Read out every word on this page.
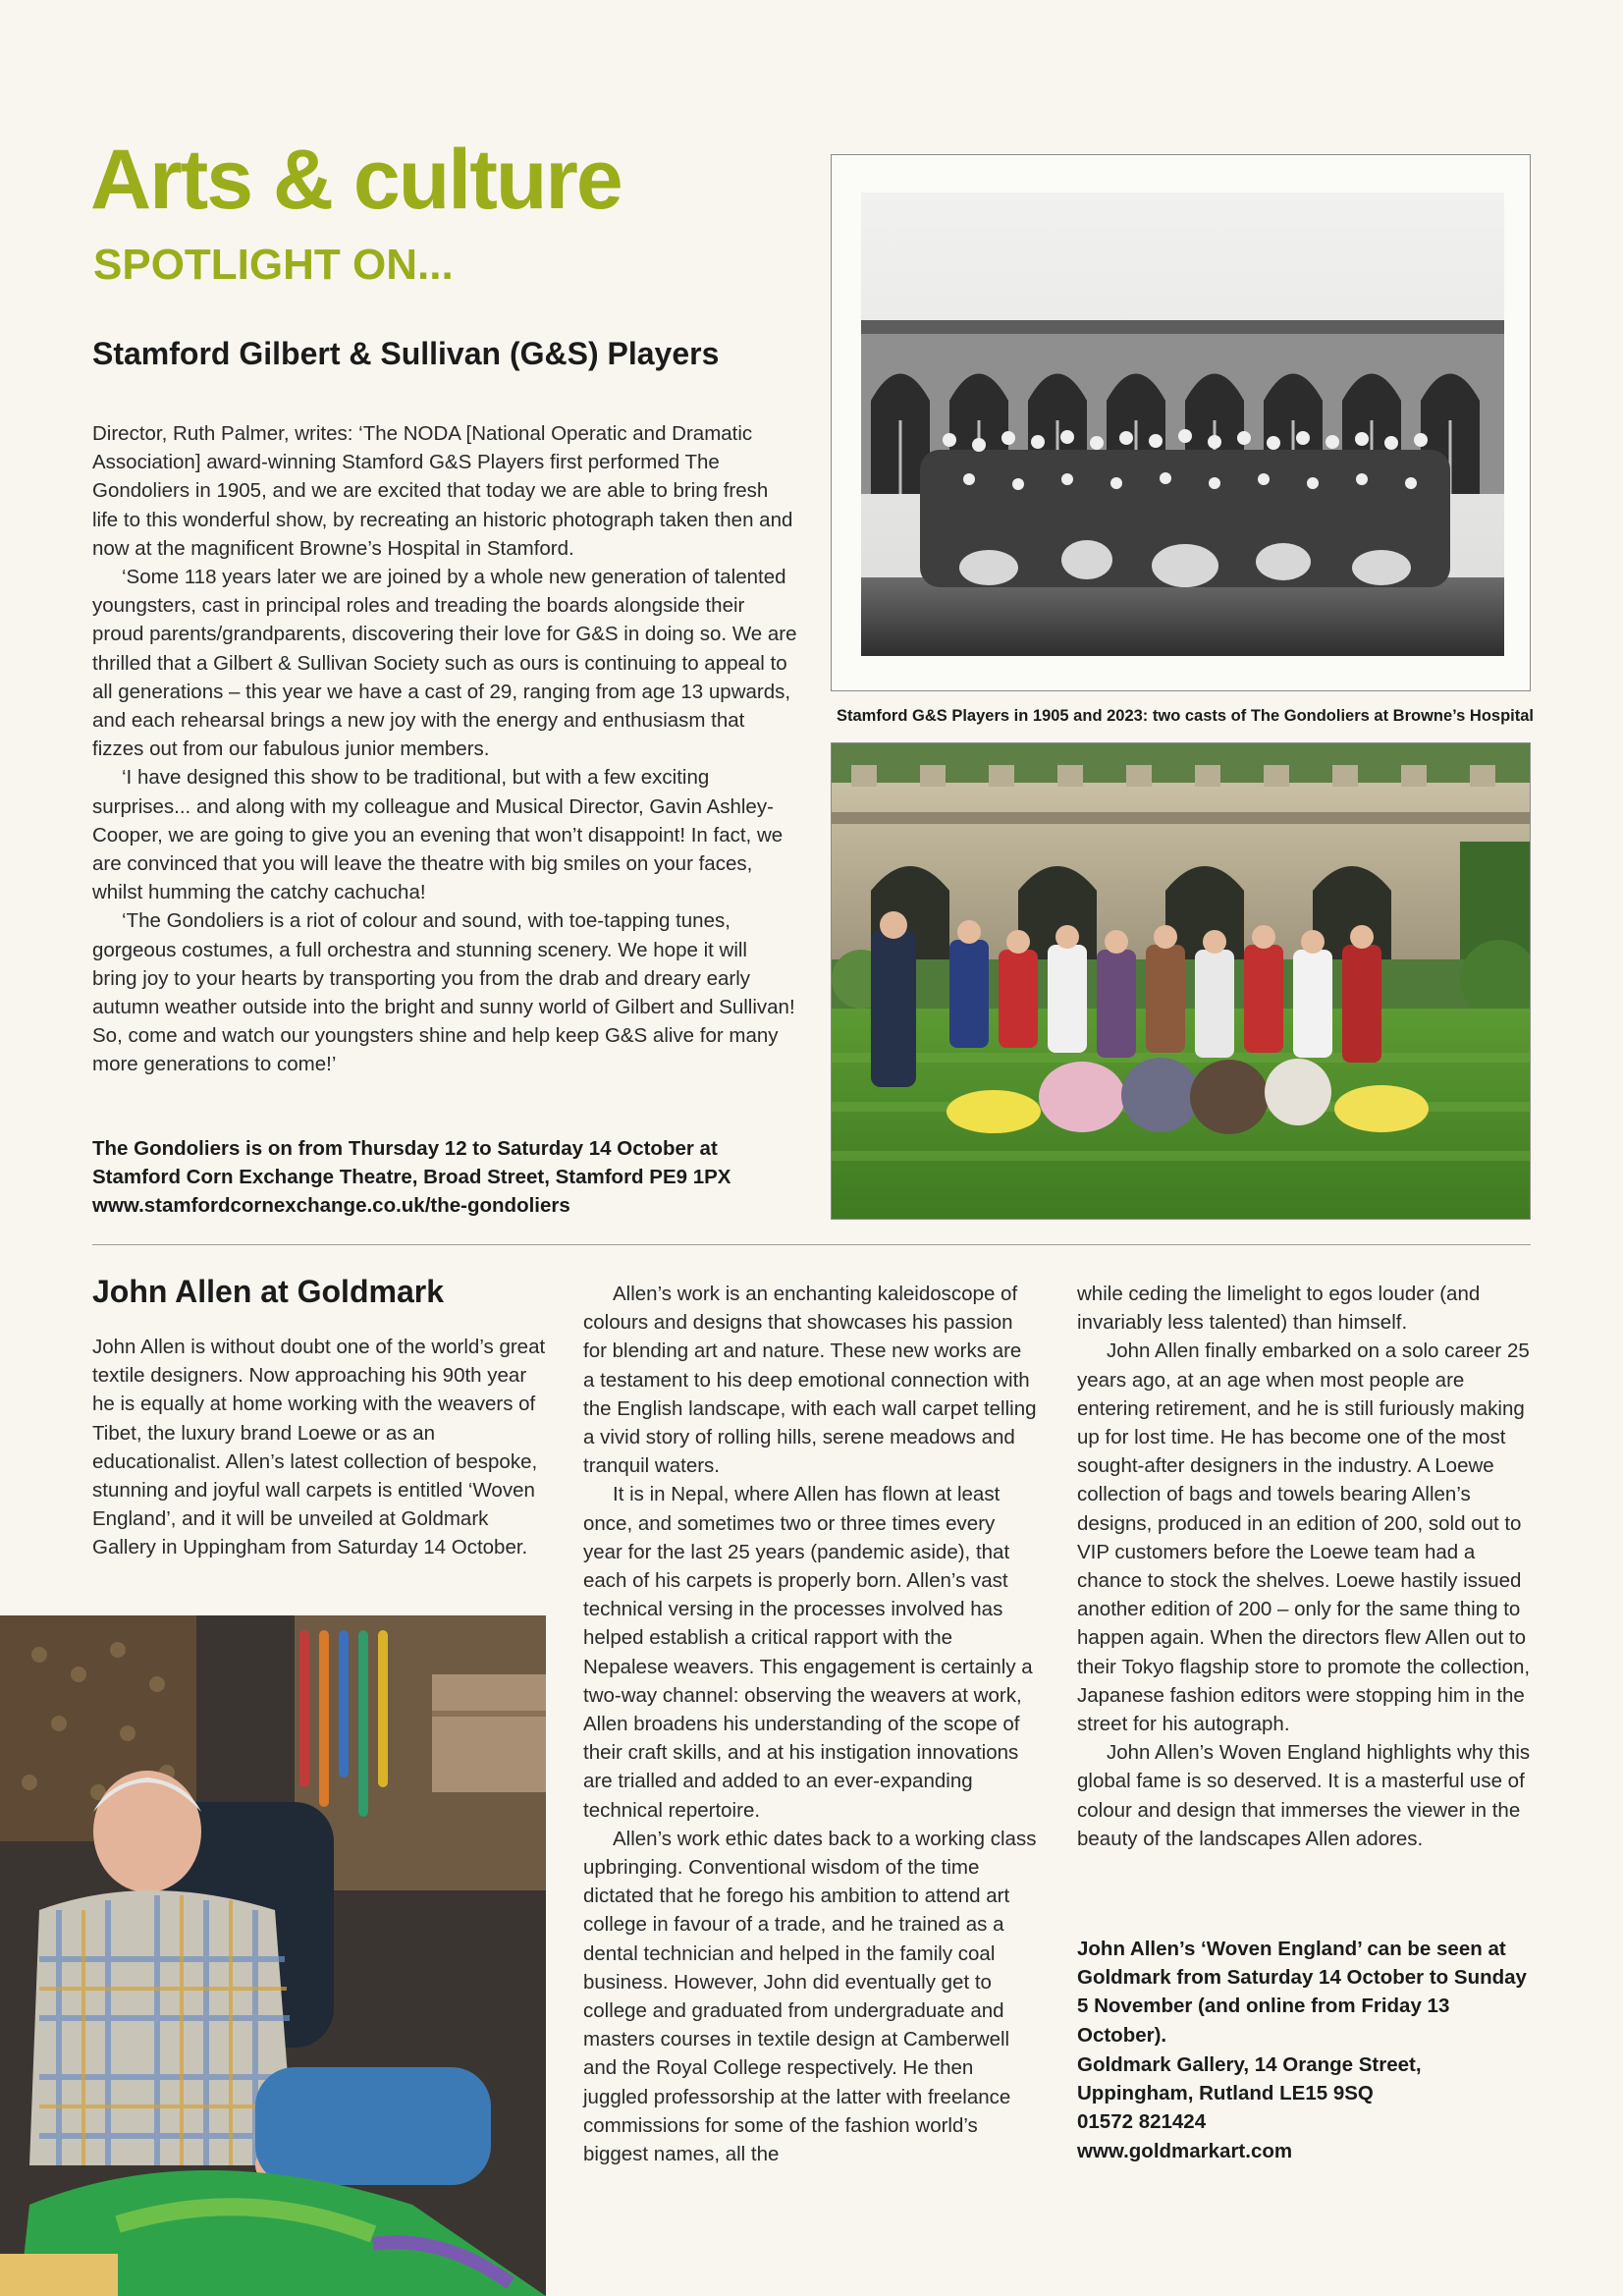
Arts & culture
SPOTLIGHT ON...
Stamford Gilbert & Sullivan (G&S) Players

Director, Ruth Palmer, writes: ‘The NODA [National Operatic and Dramatic Association] award-winning Stamford G&S Players first performed The Gondoliers in 1905, and we are excited that today we are able to bring fresh life to this wonderful show, by recreating an historic photograph taken then and now at the magnificent Browne’s Hospital in Stamford.

‘Some 118 years later we are joined by a whole new generation of talented youngsters, cast in principal roles and treading the boards alongside their proud parents/grandparents, discovering their love for G&S in doing so. We are thrilled that a Gilbert & Sullivan Society such as ours is continuing to appeal to all generations – this year we have a cast of 29, ranging from age 13 upwards, and each rehearsal brings a new joy with the energy and enthusiasm that fizzes out from our fabulous junior members.

‘I have designed this show to be traditional, but with a few exciting surprises... and along with my colleague and Musical Director, Gavin Ashley-Cooper, we are going to give you an evening that won’t disappoint! In fact, we are convinced that you will leave the theatre with big smiles on your faces, whilst humming the catchy cachucha!

‘The Gondoliers is a riot of colour and sound, with toe-tapping tunes, gorgeous costumes, a full orchestra and stunning scenery. We hope it will bring joy to your hearts by transporting you from the drab and dreary early autumn weather outside into the bright and sunny world of Gilbert and Sullivan! So, come and watch our youngsters shine and help keep G&S alive for many more generations to come!’

The Gondoliers is on from Thursday 12 to Saturday 14 October at

Stamford Corn Exchange Theatre, Broad Street, Stamford PE9 1PX

www.stamfordcornexchange.co.uk/the-gondoliers

Stamford G&S Players in 1905 and 2023: two casts of The Gondoliers at Browne’s Hospital
John Allen at Goldmark

John Allen is without doubt one of the world’s great textile designers. Now approaching his 90th year he is equally at home working with the weavers of Tibet, the luxury brand Loewe or as an educationalist. Allen’s latest collection of bespoke, stunning and joyful wall carpets is entitled ‘Woven England’, and it will be unveiled at Goldmark Gallery in Uppingham from Saturday 14 October.

Allen’s work is an enchanting kaleidoscope of colours and designs that showcases his passion for blending art and nature. These new works are a testament to his deep emotional connection with the English landscape, with each wall carpet telling a vivid story of rolling hills, serene meadows and tranquil waters.

It is in Nepal, where Allen has flown at least once, and sometimes two or three times every year for the last 25 years (pandemic aside), that each of his carpets is properly born. Allen’s vast technical versing in the processes involved has helped establish a critical rapport with the Nepalese weavers. This engagement is certainly a two-way channel: observing the weavers at work, Allen broadens his understanding of the scope of their craft skills, and at his instigation innovations are trialled and added to an ever-expanding technical repertoire.

Allen’s work ethic dates back to a working class upbringing. Conventional wisdom of the time dictated that he forego his ambition to attend art college in favour of a trade, and he trained as a dental technician and helped in the family coal business. However, John did eventually get to college and graduated from undergraduate and masters courses in textile design at Camberwell and the Royal College respectively. He then juggled professorship at the latter with freelance commissions for some of the fashion world’s biggest names, all the

while ceding the limelight to egos louder (and invariably less talented) than himself.

John Allen finally embarked on a solo career 25 years ago, at an age when most people are entering retirement, and he is still furiously making up for lost time. He has become one of the most sought-after designers in the industry. A Loewe collection of bags and towels bearing Allen’s designs, produced in an edition of 200, sold out to VIP customers before the Loewe team had a chance to stock the shelves. Loewe hastily issued another edition of 200 – only for the same thing to happen again. When the directors flew Allen out to their Tokyo flagship store to promote the collection, Japanese fashion editors were stopping him in the street for his autograph.

John Allen’s Woven England highlights why this global fame is so deserved. It is a masterful use of colour and design that immerses the viewer in the beauty of the landscapes Allen adores.

John Allen’s ‘Woven England’ can be seen at

Goldmark from Saturday 14 October to Sunday

5 November (and online from Friday 13 October).

Goldmark Gallery, 14 Orange Street,

Uppingham, Rutland LE15 9SQ

01572 821424

www.goldmarkart.com
